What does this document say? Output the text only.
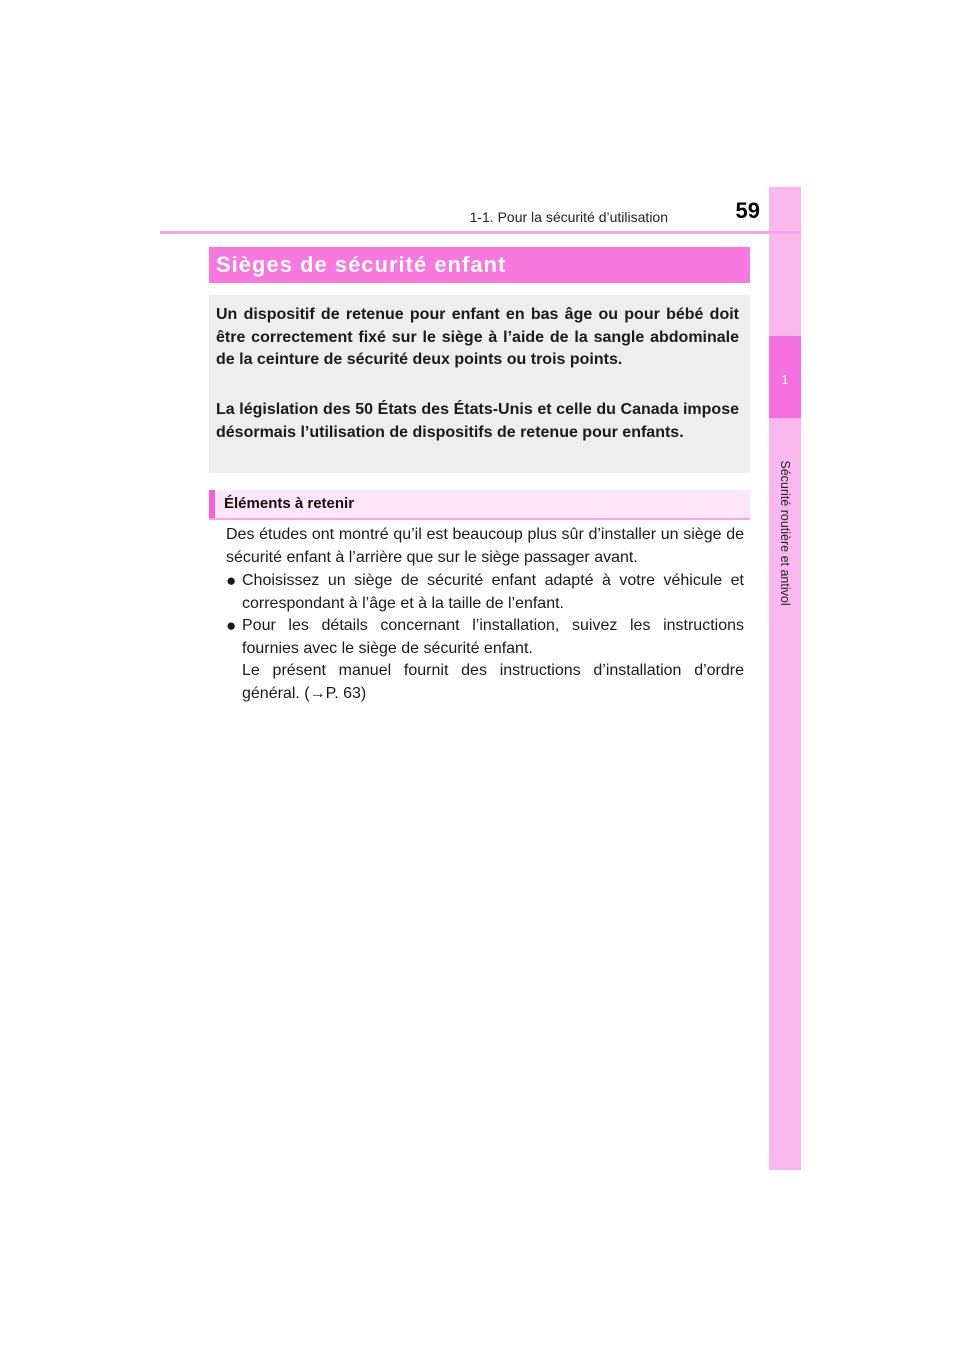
1
Sécurité routière et antivol
1-1. Pour la sécurité d’utilisation	59
Sièges de sécurité enfant

Un dispositif de retenue pour enfant en bas âge ou pour bébé doit être correctement fixé sur le siège à l’aide de la sangle abdominale de la ceinture de sécurité deux points ou trois points.

La législation des 50 États des États-Unis et celle du Canada impose désormais l’utilisation de dispositifs de retenue pour enfants.

Éléments à retenir

Des études ont montré qu’il est beaucoup plus sûr d’installer un siège de sécurité enfant à l’arrière que sur le siège passager avant.

● Choisissez un siège de sécurité enfant adapté à votre véhicule et correspondant à l’âge et à la taille de l’enfant.
● Pour les détails concernant l’installation, suivez les instructions fournies avec le siège de sécurité enfant.
Le présent manuel fournit des instructions d’installation d’ordre général. (→P. 63)
